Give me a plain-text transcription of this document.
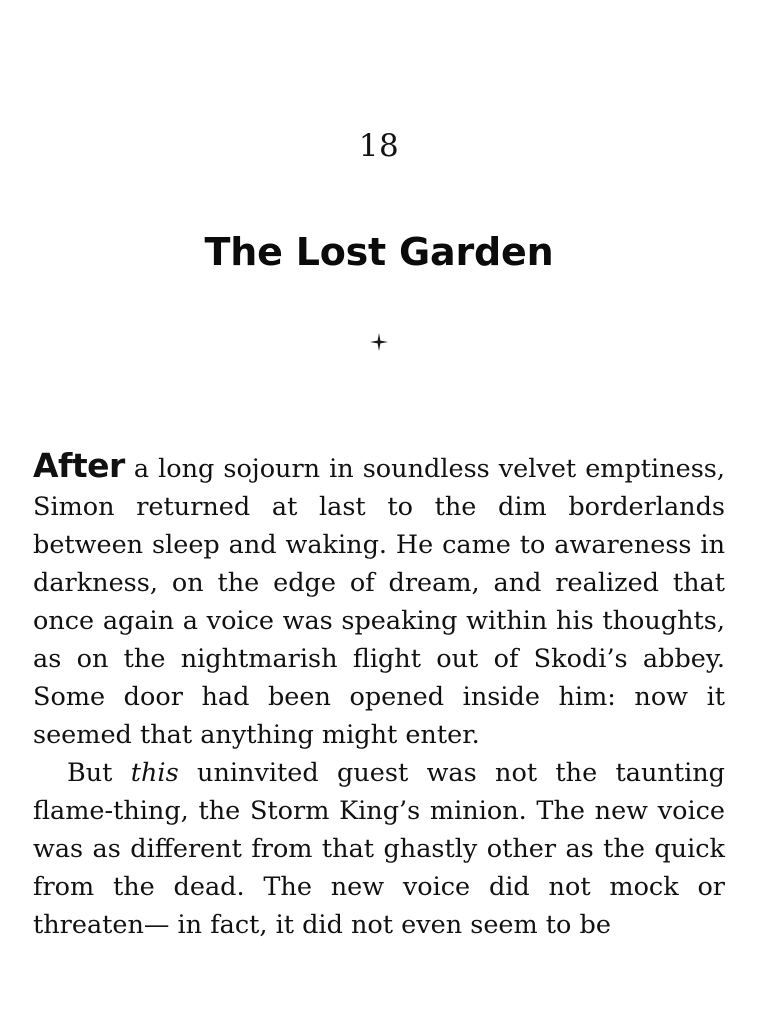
18
The Lost Garden

After a long sojourn in soundless velvet emptiness, Simon returned at last to the dim borderlands between sleep and waking. He came to awareness in darkness, on the edge of dream, and realized that once again a voice was speaking within his thoughts, as on the nightmarish flight out of Skodi’s abbey. Some door had been opened inside him: now it seemed that anything might enter.

But this uninvited guest was not the taunting flame-thing, the Storm King’s minion. The new voice was as different from that ghastly other as the quick from the dead. The new voice did not mock or threaten— in fact, it did not even seem to be
